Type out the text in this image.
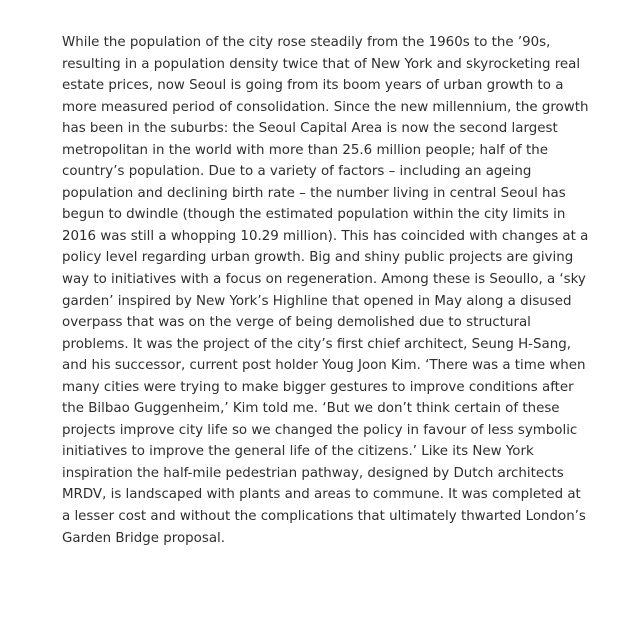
While the population of the city rose steadily from the 1960s to the ’90s,
resulting in a population density twice that of New York and skyrocketing real
estate prices, now Seoul is going from its boom years of urban growth to a
more measured period of consolidation. Since the new millennium, the growth
has been in the suburbs: the Seoul Capital Area is now the second largest
metropolitan in the world with more than 25.6 million people; half of the
country’s population. Due to a variety of factors – including an ageing
population and declining birth rate – the number living in central Seoul has
begun to dwindle (though the estimated population within the city limits in
2016 was still a whopping 10.29 million). This has coincided with changes at a
policy level regarding urban growth. Big and shiny public projects are giving
way to initiatives with a focus on regeneration. Among these is Seoullo, a ‘sky
garden’ inspired by New York’s Highline that opened in May along a disused
overpass that was on the verge of being demolished due to structural
problems. It was the project of the city’s first chief architect, Seung H-Sang,
and his successor, current post holder Youg Joon Kim. ‘There was a time when
many cities were trying to make bigger gestures to improve conditions after
the Bilbao Guggenheim,’ Kim told me. ‘But we don’t think certain of these
projects improve city life so we changed the policy in favour of less symbolic
initiatives to improve the general life of the citizens.’ Like its New York
inspiration the half-mile pedestrian pathway, designed by Dutch architects
MRDV, is landscaped with plants and areas to commune. It was completed at
a lesser cost and without the complications that ultimately thwarted London’s
Garden Bridge proposal.
